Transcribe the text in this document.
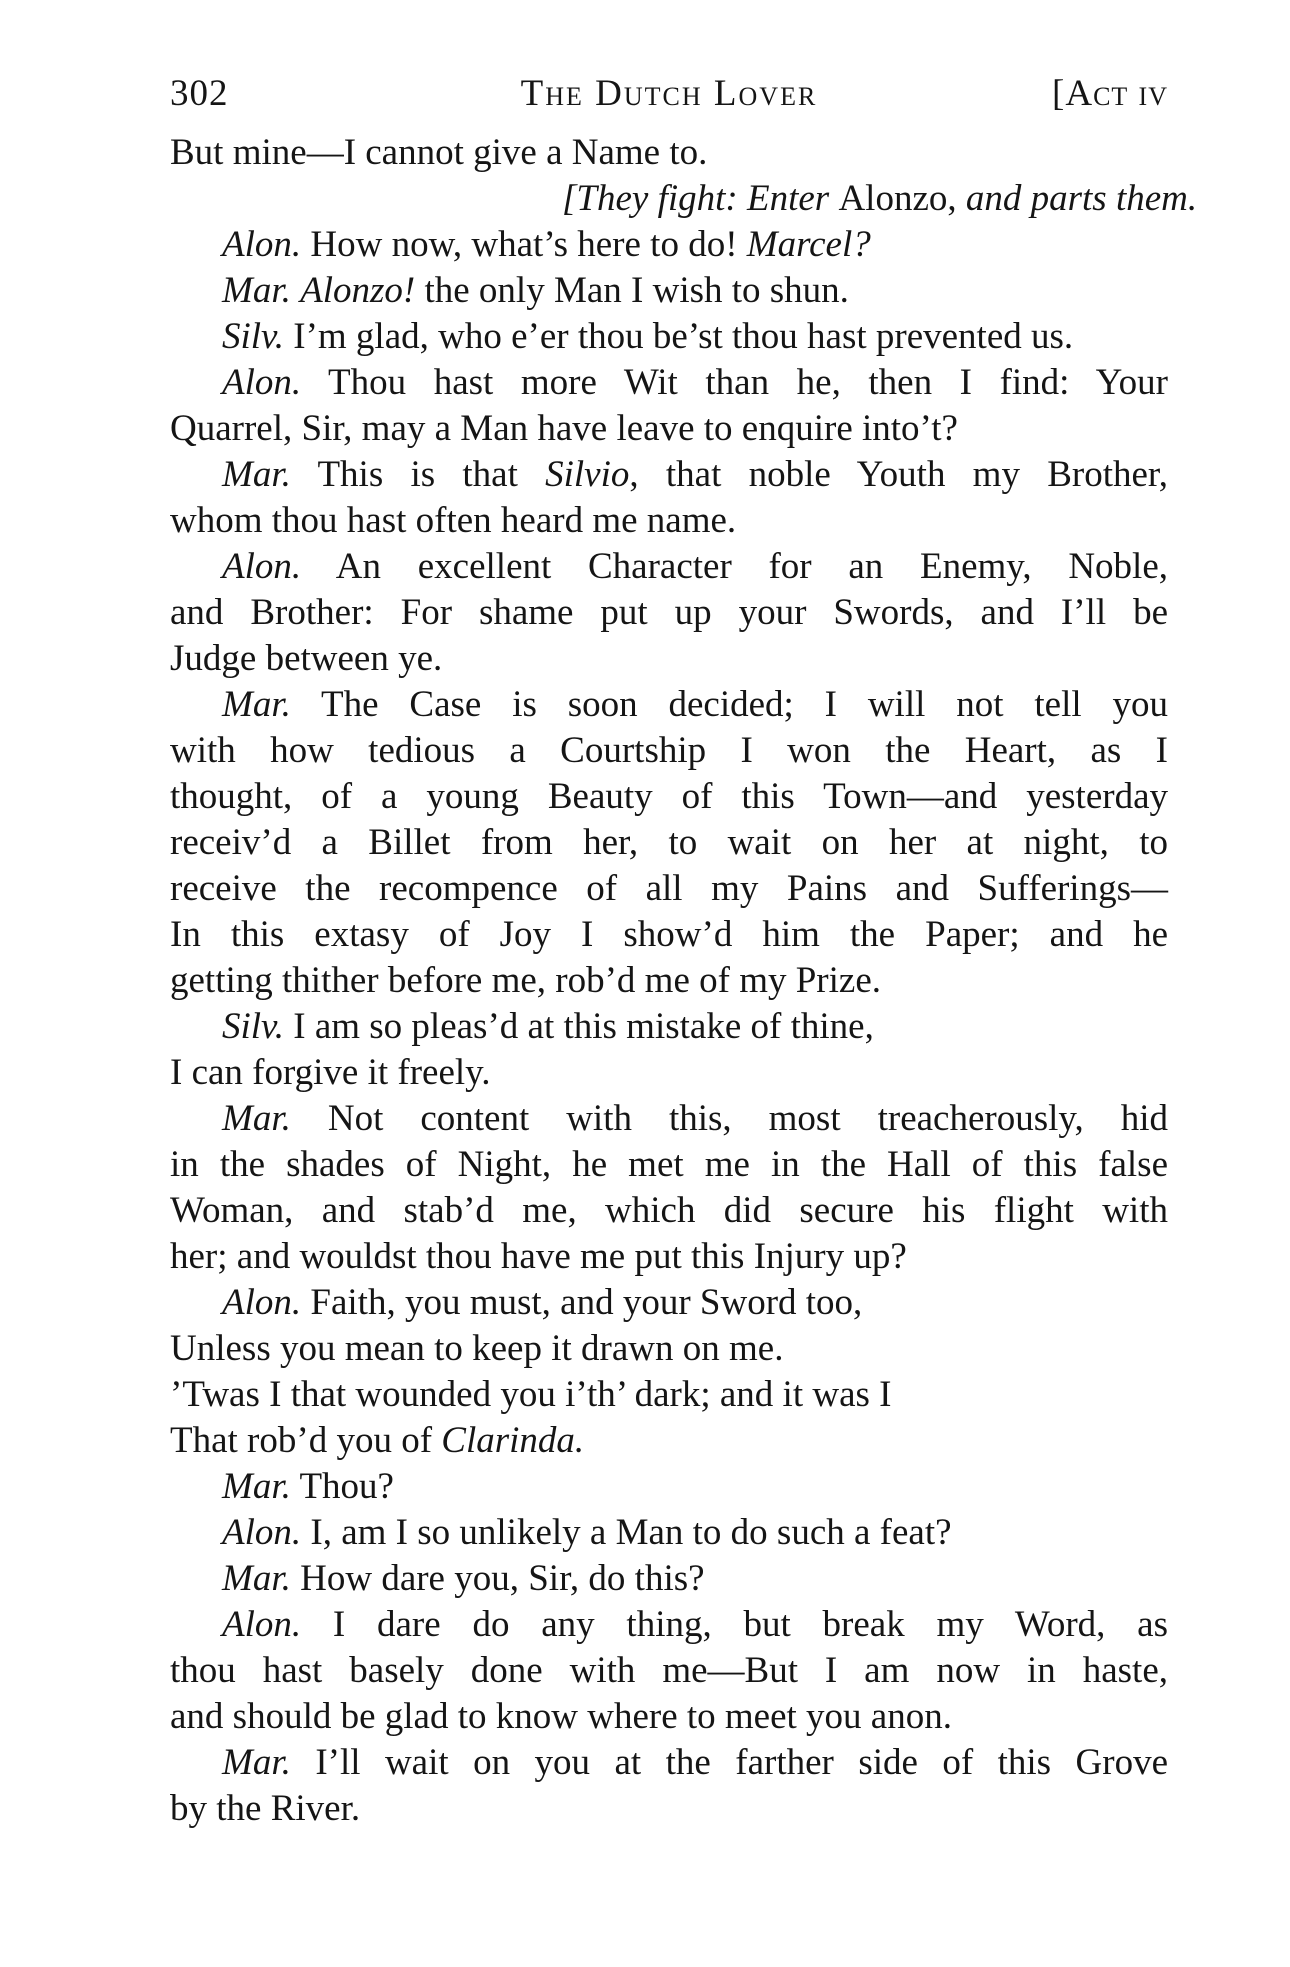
302	The Dutch Lover	[Act iv
But mine—I cannot give a Name to.
[They fight: Enter Alonzo, and parts them.
Alon. How now, what’s here to do! Marcel?
Mar. Alonzo! the only Man I wish to shun.
Silv. I’m glad, who e’er thou be’st thou hast prevented us.
Alon. Thou hast more Wit than he, then I find: Your
Quarrel, Sir, may a Man have leave to enquire into’t?
Mar. This is that Silvio, that noble Youth my Brother,
whom thou hast often heard me name.
Alon. An excellent Character for an Enemy, Noble,
and Brother: For shame put up your Swords, and I’ll be
Judge between ye.
Mar. The Case is soon decided; I will not tell you
with how tedious a Courtship I won the Heart, as I
thought, of a young Beauty of this Town—and yesterday
receiv’d a Billet from her, to wait on her at night, to
receive the recompence of all my Pains and Sufferings—
In this extasy of Joy I show’d him the Paper; and he
getting thither before me, rob’d me of my Prize.
Silv. I am so pleas’d at this mistake of thine,
I can forgive it freely.
Mar. Not content with this, most treacherously, hid
in the shades of Night, he met me in the Hall of this false
Woman, and stab’d me, which did secure his flight with
her; and wouldst thou have me put this Injury up?
Alon. Faith, you must, and your Sword too,
Unless you mean to keep it drawn on me.
’Twas I that wounded you i’th’ dark; and it was I
That rob’d you of Clarinda.
Mar. Thou?
Alon. I, am I so unlikely a Man to do such a feat?
Mar. How dare you, Sir, do this?
Alon. I dare do any thing, but break my Word, as
thou hast basely done with me—But I am now in haste,
and should be glad to know where to meet you anon.
Mar. I’ll wait on you at the farther side of this Grove
by the River.
